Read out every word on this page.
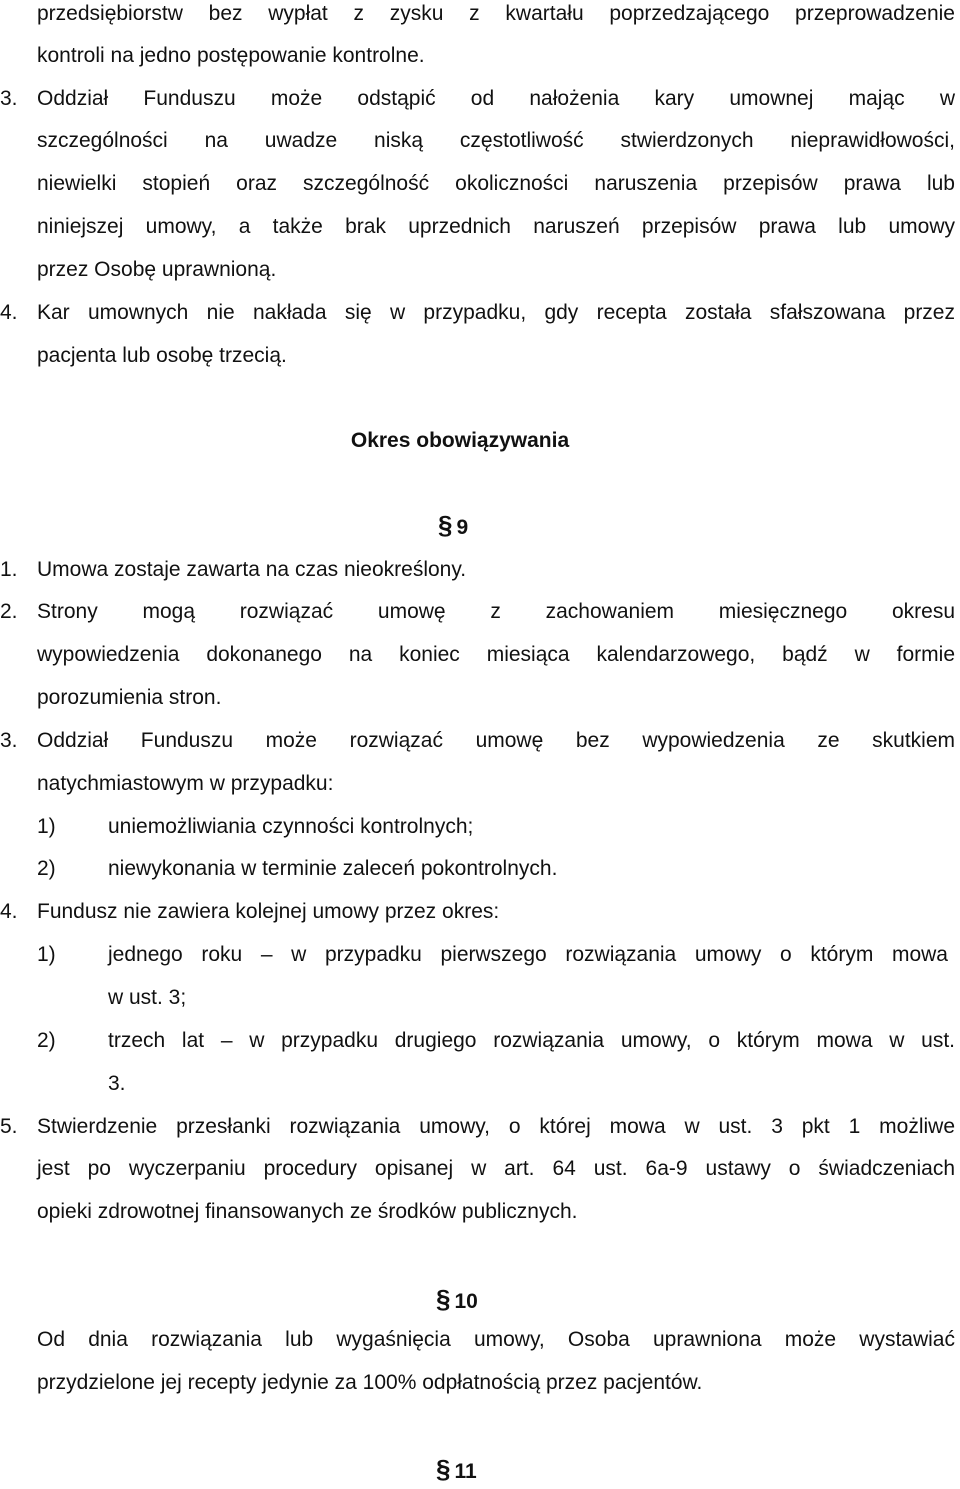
przedsiębiorstw bez wypłat z zysku z kwartału poprzedzającego przeprowadzenie
kontroli na jedno postępowanie kontrolne.
3. Oddział Funduszu może odstąpić od nałożenia kary umownej mając w
szczególności na uwadze niską częstotliwość stwierdzonych nieprawidłowości,
niewielki stopień oraz szczególność okoliczności naruszenia przepisów prawa lub
niniejszej umowy, a także brak uprzednich naruszeń przepisów prawa lub umowy
przez Osobę uprawnioną.
4. Kar umownych nie nakłada się w przypadku, gdy recepta została sfałszowana przez
pacjenta lub osobę trzecią.
Okres obowiązywania
§ 9
1. Umowa zostaje zawarta na czas nieokreślony.
2. Strony mogą rozwiązać umowę z zachowaniem miesięcznego okresu
wypowiedzenia dokonanego na koniec miesiąca kalendarzowego, bądź w formie
porozumienia stron.
3. Oddział Funduszu może rozwiązać umowę bez wypowiedzenia ze skutkiem
natychmiastowym w przypadku:
1) uniemożliwiania czynności kontrolnych;
2) niewykonania w terminie zaleceń pokontrolnych.
4. Fundusz nie zawiera kolejnej umowy przez okres:
1) jednego roku – w przypadku pierwszego rozwiązania umowy o którym mowa
w ust. 3;
2) trzech lat – w przypadku drugiego rozwiązania umowy, o którym mowa w ust.
3.
5. Stwierdzenie przesłanki rozwiązania umowy, o której mowa w ust. 3 pkt 1 możliwe
jest po wyczerpaniu procedury opisanej w art. 64 ust. 6a-9 ustawy o świadczeniach
opieki zdrowotnej finansowanych ze środków publicznych.
§ 10
Od dnia rozwiązania lub wygaśnięcia umowy, Osoba uprawniona może wystawiać
przydzielone jej recepty jedynie za 100% odpłatnością przez pacjentów.
§ 11
